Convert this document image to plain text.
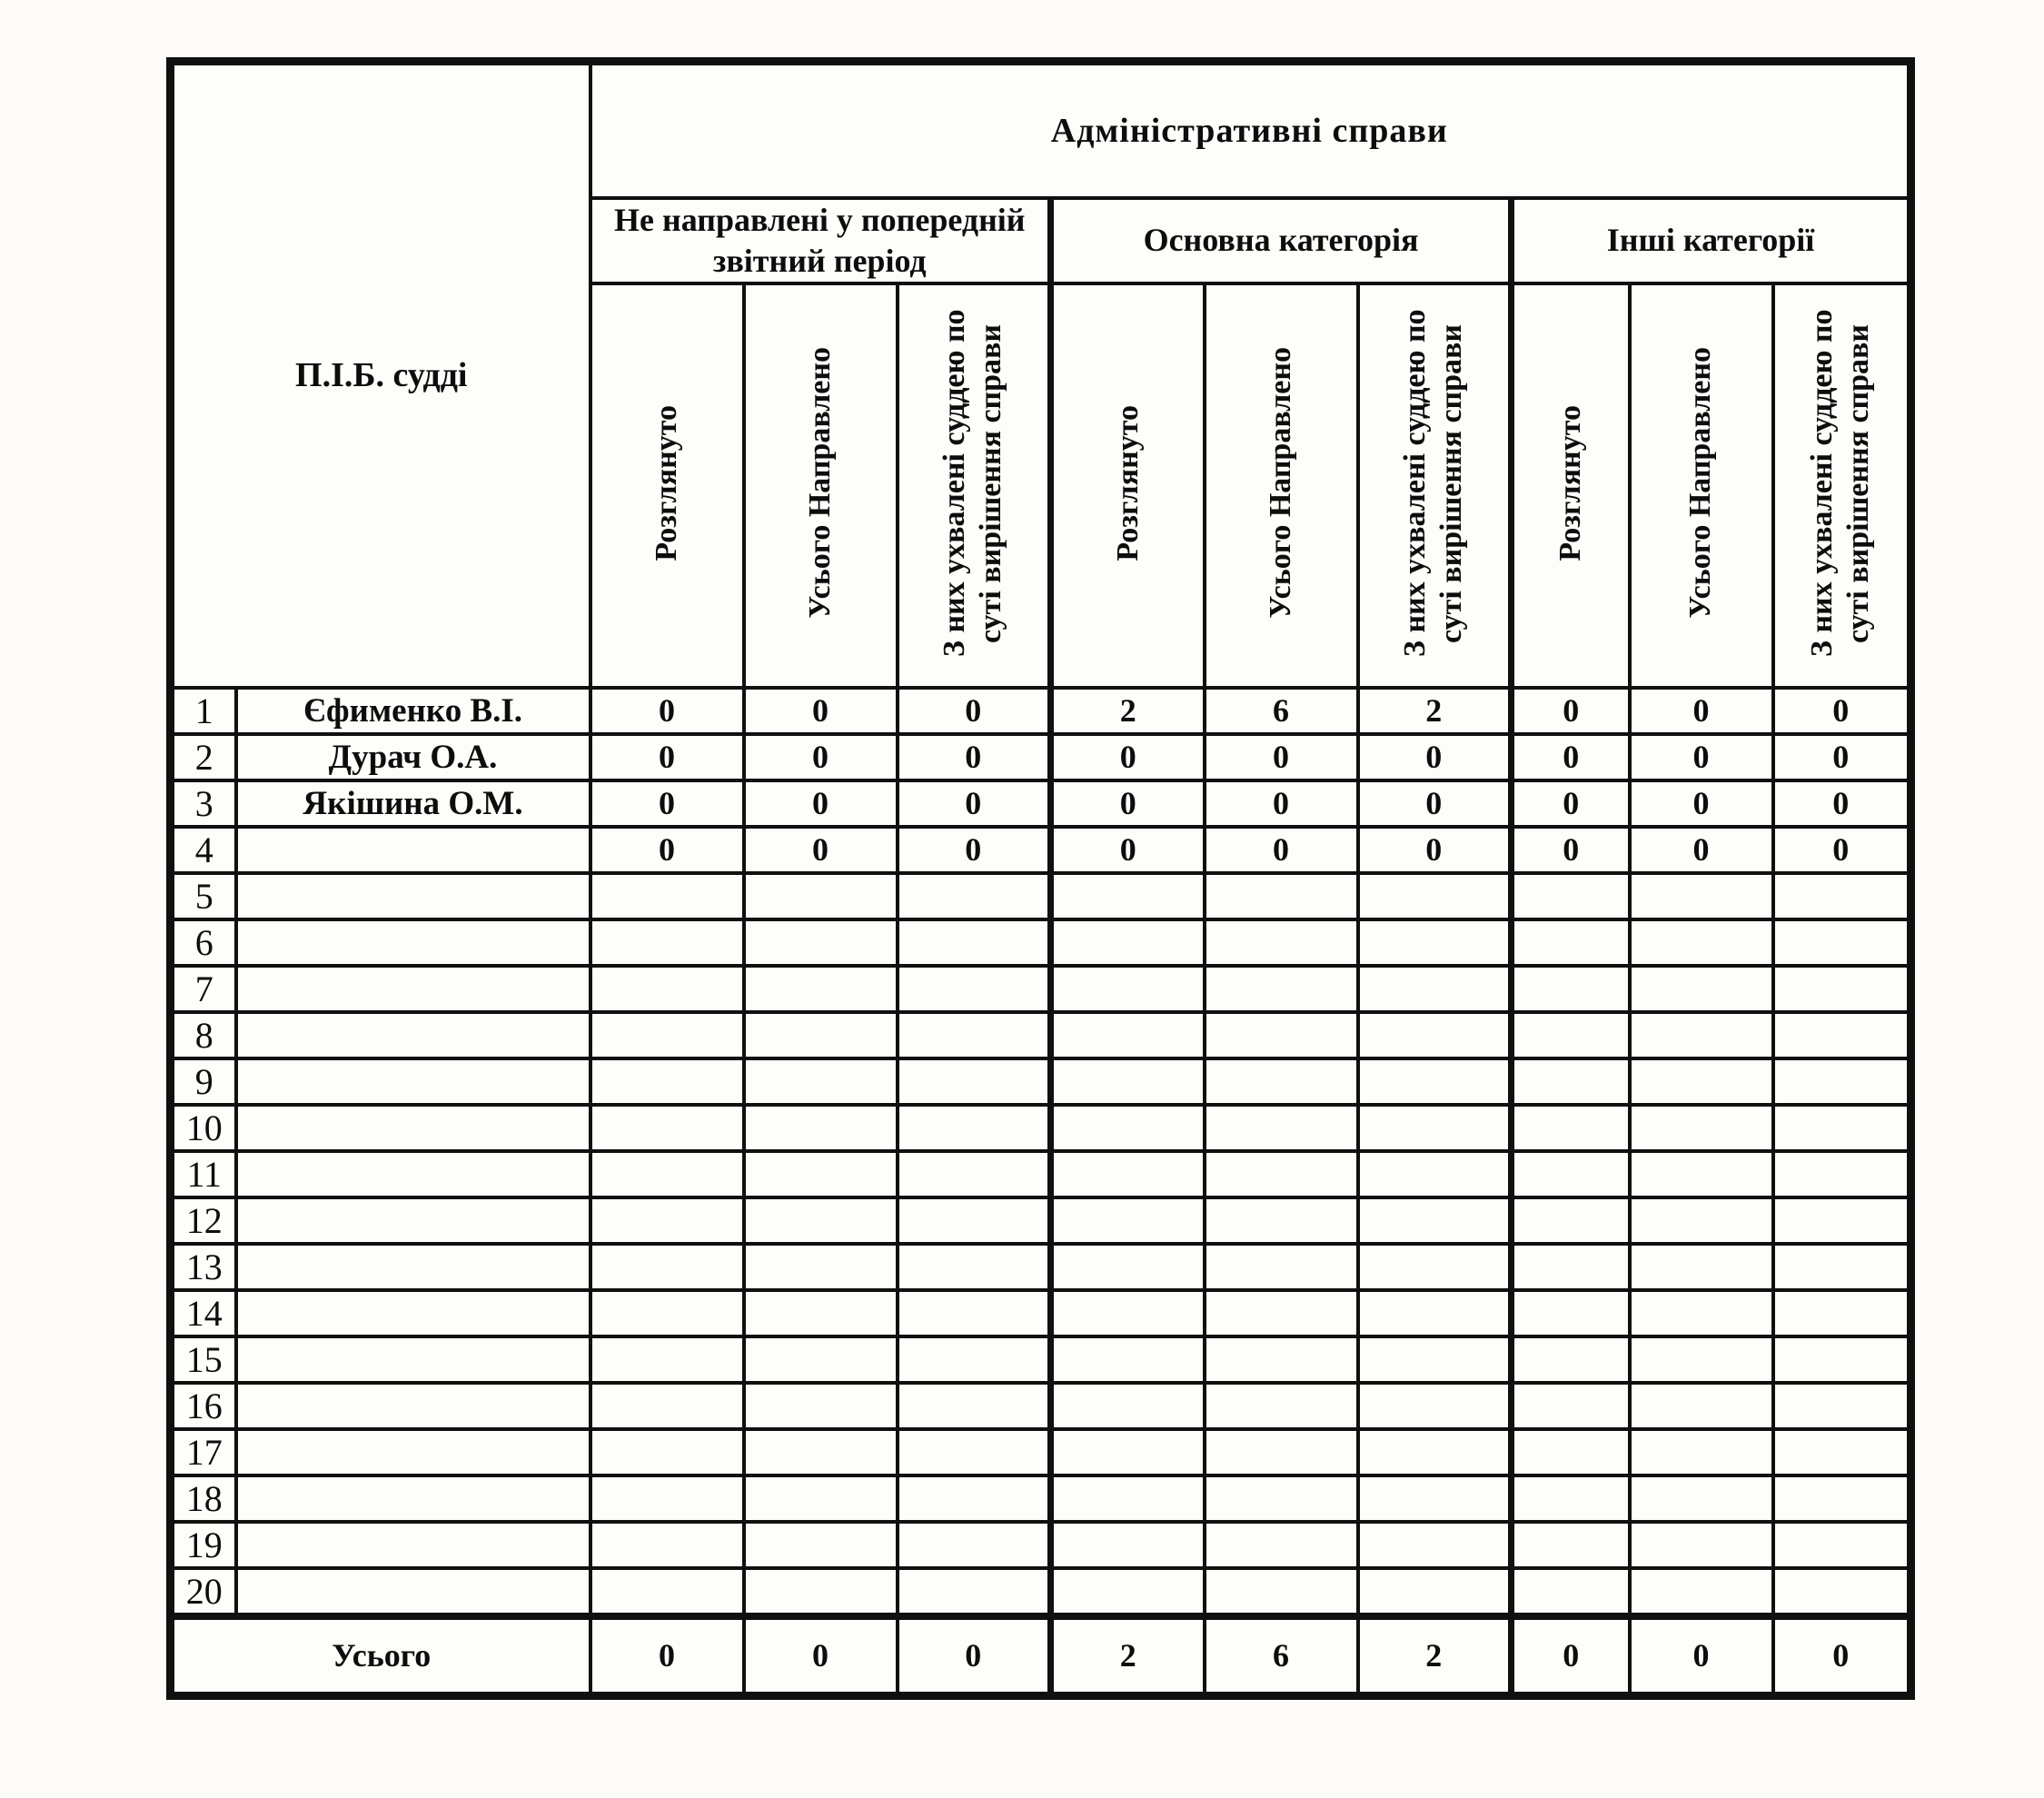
П.І.Б. судді		Адміністративні справи								
		Не направлені у попередній звітний період			Основна категорія			Інші категорії		
		Розглянуто	Усього Направлено	З них ухвалені суддею по суті вирішення справи	Розглянуто	Усього Направлено	З них ухвалені суддею по суті вирішення справи	Розглянуто	Усього Направлено	З них ухвалені суддею по суті вирішення справи
1	Єфименко В.І.	0	0	0	2	6	2	0	0	0
2	Дурач О.А.	0	0	0	0	0	0	0	0	0
3	Якішина О.М.	0	0	0	0	0	0	0	0	0
4		0	0	0	0	0	0	0	0	0
5										
6										
7										
8										
9										
10										
11										
12										
13										
14										
15										
16										
17										
18										
19										
20										
Усього		0	0	0	2	6	2	0	0	0
